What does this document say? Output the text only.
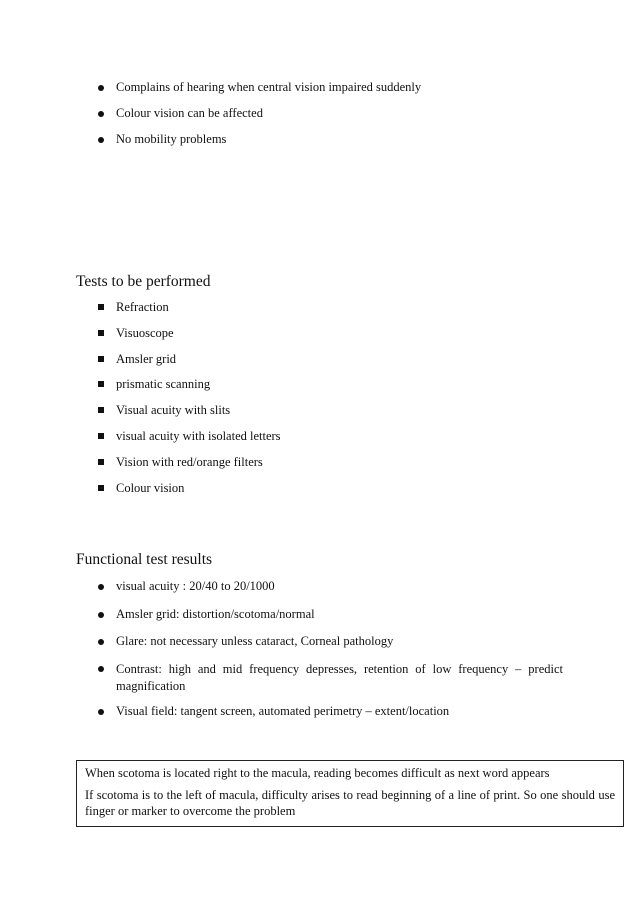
Complains of hearing when central vision impaired suddenly
Colour vision can be affected
No mobility problems
Tests to be performed
Refraction
Visuoscope
Amsler grid
prismatic scanning
Visual acuity with slits
visual acuity with isolated letters
Vision with red/orange filters
Colour vision
Functional test results
visual acuity : 20/40 to 20/1000
Amsler grid: distortion/scotoma/normal
Glare: not necessary unless cataract, Corneal pathology
Contrast:  high  and  mid  frequency  depresses,  retention  of  low  frequency  –  predict magnification
Visual field: tangent screen, automated perimetry – extent/location

When scotoma is located right to the macula, reading becomes difficult as next word appears

If scotoma is to the left of macula, difficulty arises to read beginning of a line of print. So one should use finger or marker to overcome the problem
